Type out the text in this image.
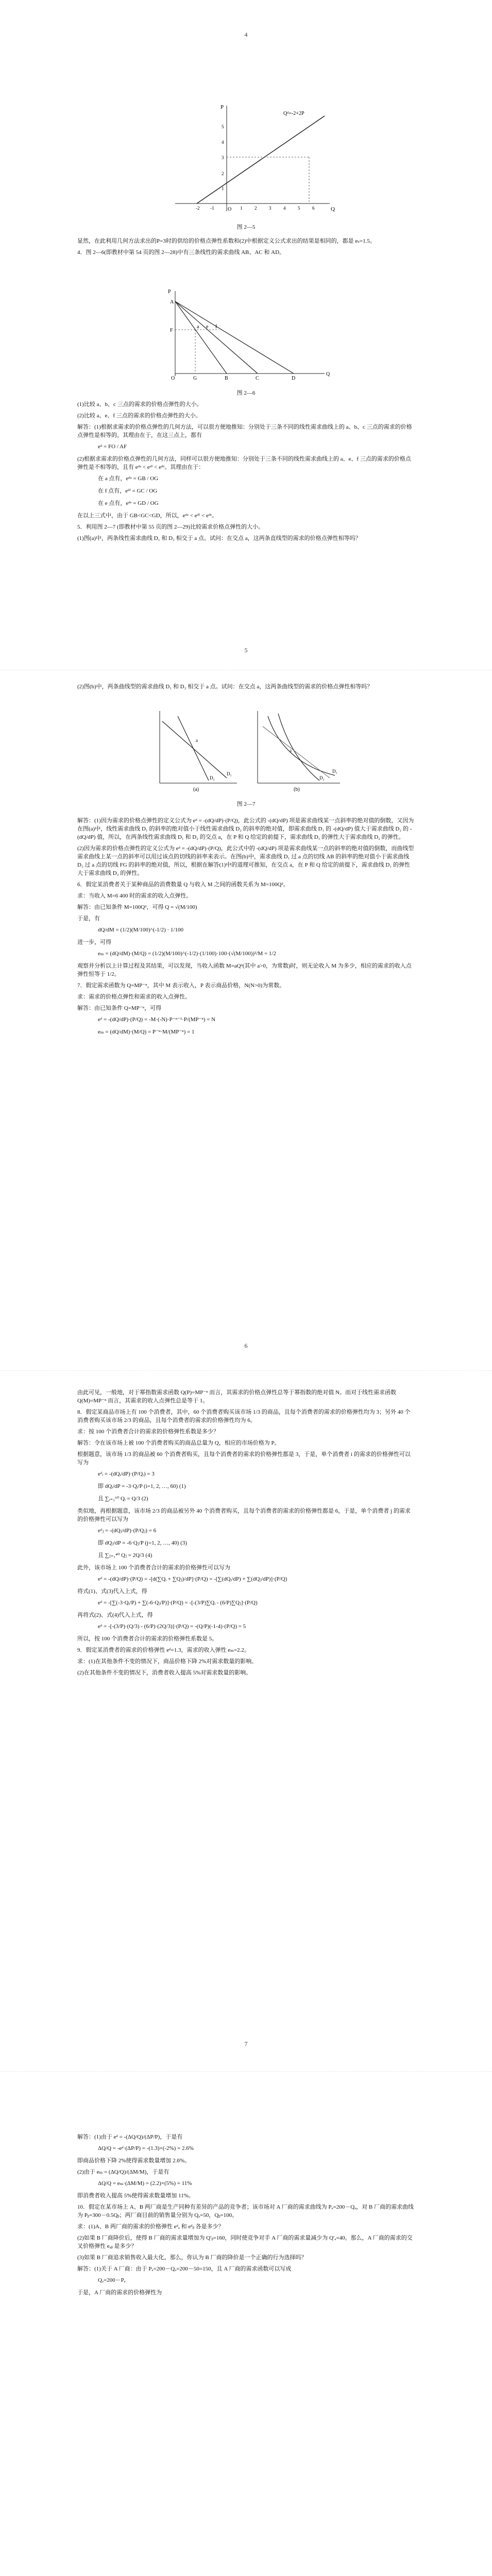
4
P
Q
O
Qᵈ=-2+2P
-2 -1	1	2	3	4	5	6
1
2
3
4
5
图 2—5

显然，在此利用几何方法求出的P=3时的供给的价格点弹性系数和(2)中根据定义公式求出的结果是相同的，都是 eₛ=1.5。

4．图 2—6(即教材中第 54 页的图 2—28)中有三条线性的需求曲线 AB、AC 和 AD。

A
F
O	G	B	C	D
a e f
P
Q

图 2—6

(1)比较 a、b、c 三点的需求的价格点弹性的大小。

(2)比较 a、e、f 三点的需求的价格点弹性的大小。

解答：(1)根据求需求的价格点弹性的几何方法，可以很方便地推知：分别处于三条不同的线性需求曲线上的 a、b、c 三点的需求的价格点弹性是相等的。其理由在于，在这三点上，都有

eᵈ = FO / AF

(2)根据求需求的价格点弹性的几何方法，同样可以很方便地推知：分别处于三条不同的线性需求曲线上的 a、e、f 三点的需求的价格点弹性是不相等的，且有 eᵈᵃ < eᵈᶠ < eᵈᵉ。其理由在于：

在 a 点有，eᵈᵃ = GB / OG
在 f 点有，eᵈᶠ = GC / OG
在 e 点有，eᵈᵉ = GD / OG

在以上三式中，由于 GB<GC<GD，所以，eᵈᵃ < eᵈᶠ < eᵈᵉ。

5．利用图 2—7 (即教材中第 55 页的图 2—29)比较需求价格点弹性的大小。

(1)图(a)中，两条线性需求曲线 D₁ 和 D₂ 相交于 a 点。试问：在交点 a，这两条直线型的需求的价格点弹性相等吗？

5

(2)图(b)中，两条曲线型的需求曲线 D₁ 和 D₂ 相交于 a 点。试问：在交点 a，这两条曲线型的需求的价格点弹性相等吗？

D₁
D₂
a
(a)
D₁
D₂
a
(b)
图 2—7

解答：(1)因为需求的价格点弹性的定义公式为 eᵈ = -(dQ/dP)·(P/Q)，此公式的 -(dQ/dP) 项是需求曲线某一点斜率的绝对值的倒数，又因为在图(a)中，线性需求曲线 D₁ 的斜率的绝对值小于线性需求曲线 D₂ 的斜率的绝对值，即需求曲线 D₁ 的 -(dQ/dP) 值大于需求曲线 D₂ 的 -(dQ/dP) 值，所以，在两条线性需求曲线 D₁ 和 D₂ 的交点 a，在 P 和 Q 给定的前提下，需求曲线 D₁ 的弹性大于需求曲线 D₂ 的弹性。

(2)因为需求的价格点弹性的定义公式为 eᵈ = -(dQ/dP)·(P/Q)，此公式中的 -(dQ/dP) 项是需求曲线某一点的斜率的绝对值的倒数，而曲线型需求曲线上某一点的斜率可以用过该点的切线的斜率来表示。在图(b)中，需求曲线 D₁ 过 a 点的切线 AB 的斜率的绝对值小于需求曲线 D₂ 过 a 点的切线 FG 的斜率的绝对值，所以，根据在解答(1)中的道理可推知，在交点 a，在 P 和 Q 给定的前提下，需求曲线 D₁ 的弹性大于需求曲线 D₂ 的弹性。

6．假定某消费者关于某种商品的消费数量 Q 与收入 M 之间的函数关系为 M=100Q²。

求：当收入 M=6 400 时的需求的收入点弹性。

解答：由已知条件 M=100Q²，可得 Q = √(M/100)

于是，有

dQ/dM = (1/2)(M/100)^(-1/2) · 1/100

进一步，可得

eₘ = (dQ/dM)·(M/Q) = (1/2)(M/100)^(-1/2)·(1/100)·100·(√(M/100))²/M = 1/2

观察并分析以上计算过程及其结果，可以发现，当收入函数 M=aQ²(其中 a>0，为常数)时，则无论收入 M 为多少，相应的需求的收入点弹性恒等于 1/2。

7．假定需求函数为 Q=MP⁻ⁿ，其中 M 表示收入，P 表示商品价格，N(N>0)为常数。

求：需求的价格点弹性和需求的收入点弹性。

解答：由已知条件 Q=MP⁻ⁿ，可得

eᵈ = -(dQ/dP)·(P/Q) = -M·(-N)·P⁻ⁿ⁻¹·P/(MP⁻ⁿ) = N
eₘ = (dQ/dM)·(M/Q) = P⁻ⁿ·M/(MP⁻ⁿ) = 1
6

由此可见，一般地，对于幂指数需求函数 Q(P)=MP⁻ⁿ 而言，其需求的价格点弹性总等于幂指数的绝对值 N。而对于线性需求函数 Q(M)=MP⁻ⁿ 而言，其需求的收入点弹性总是等于 1。

8．假定某商品市场上有 100 个消费者，其中，60 个消费者购买该市场 1/3 的商品，且每个消费者的需求的价格弹性均为 3；另外 40 个消费者购买该市场 2/3 的商品，且每个消费者的需求的价格弹性均为 6。

求：按 100 个消费者合计的需求的价格弹性系数是多少？

解答：令在该市场上被 100 个消费者购买的商品总量为 Q，相应的市场价格为 P。

根据题意，该市场 1/3 的商品被 60 个消费者购买，且每个消费者的需求的价格弹性都是 3，于是，单个消费者 i 的需求的价格弹性可以写为

eᵈᵢ = -(dQᵢ/dP)·(P/Qᵢ) = 3
即 dQᵢ/dP = -3·Qᵢ/P (i=1, 2, …, 60) (1)
且 ∑ᵢ₌₁⁶⁰ Qᵢ = Q/3 (2)

类似地，再根据题意，该市场 2/3 的商品被另外 40 个消费者购买，且每个消费者的需求的价格弹性都是 6，于是，单个消费者 j 的需求的价格弹性可以写为

eᵈⱼ = -(dQⱼ/dP)·(P/Qⱼ) = 6
即 dQⱼ/dP = -6·Qⱼ/P (j=1, 2, …, 40) (3)
且 ∑ⱼ₌₁⁴⁰ Qⱼ = 2Q/3 (4)

此外，该市场上 100 个消费者合计的需求的价格弹性可以写为

eᵈ = -(dQ/dP)·(P/Q) = -[d(∑Qᵢ + ∑Qⱼ)/dP]·(P/Q) = -[∑(dQᵢ/dP) + ∑(dQⱼ/dP)]·(P/Q)

将式(1)、式(3)代入上式，得

eᵈ = -[∑(-3·Qᵢ/P) + ∑(-6·Qⱼ/P)]·(P/Q) = -[-(3/P)∑Qᵢ - (6/P)∑Qⱼ]·(P/Q)

再将式(2)、式(4)代入上式，得

eᵈ = -[-(3/P)·(Q/3) - (6/P)·(2Q/3)]·(P/Q) = -(Q/P)(-1-4)·(P/Q) = 5

所以，按 100 个消费者合计的需求的价格弹性系数是 5。

9．假定某消费者的需求的价格弹性 eᵈ=1.3，需求的收入弹性 eₘ=2.2。

求：(1)在其他条件不变的情况下，商品价格下降 2%对需求数量的影响。

(2)在其他条件不变的情况下，消费者收入提高 5%对需求数量的影响。

7

解答：(1)由于 eᵈ = -(ΔQ/Q)/(ΔP/P)，于是有

ΔQ/Q = -eᵈ·(ΔP/P) = -(1.3)×(-2%) = 2.6%

即商品价格下降 2%使得需求数量增加 2.6%。

(2)由于 eₘ = (ΔQ/Q)/(ΔM/M)，于是有

ΔQ/Q = eₘ·(ΔM/M) = (2.2)×(5%) = 11%

即消费者收入提高 5%使得需求数量增加 11%。

10．假定在某市场上 A、B 两厂商是生产同种有差异的产品的竞争者；该市场对 A 厂商的需求曲线为 Pₐ=200－Qₐ，对 B 厂商的需求曲线为 Pᵦ=300－0.5Qᵦ；两厂商目前的销售量分别为 Qₐ=50，Qᵦ=100。

求：(1)A、B 两厂商的需求的价格弹性 eᵈₐ 和 eᵈᵦ 各是多少？

(2)如果 B 厂商降价后，使得 B 厂商的需求量增加为 Q′ᵦ=160，同时使竞争对手 A 厂商的需求量减少为 Q′ₐ=40。那么，A 厂商的需求的交叉价格弹性 eₐᵦ 是多少？

(3)如果 B 厂商追求销售收入最大化，那么，你认为 B 厂商的降价是一个正确的行为选择吗？

解答：(1)关于 A 厂商：由于 Pₐ=200－Qₐ=200－50=150，且 A 厂商的需求函数可以写成

Qₐ=200－Pₐ

于是，A 厂商的需求的价格弹性为
